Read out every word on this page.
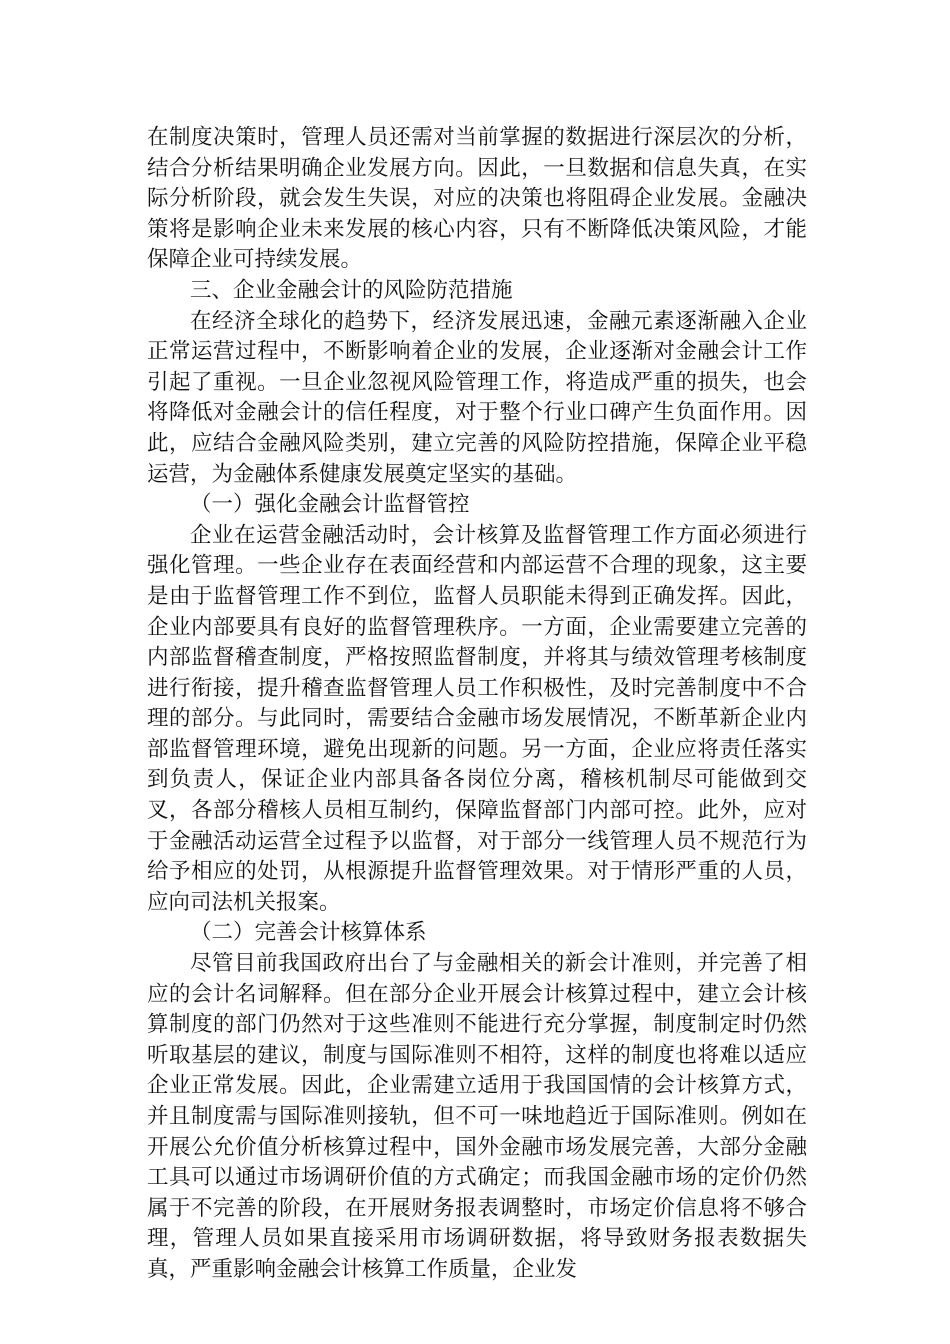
在制度决策时，管理人员还需对当前掌握的数据进行深层次的分析，结合分析结果明确企业发展方向。因此，一旦数据和信息失真，在实际分析阶段，就会发生失误，对应的决策也将阻碍企业发展。金融决策将是影响企业未来发展的核心内容，只有不断降低决策风险，才能保障企业可持续发展。

三、企业金融会计的风险防范措施

在经济全球化的趋势下，经济发展迅速，金融元素逐渐融入企业正常运营过程中，不断影响着企业的发展，企业逐渐对金融会计工作引起了重视。一旦企业忽视风险管理工作，将造成严重的损失，也会将降低对金融会计的信任程度，对于整个行业口碑产生负面作用。因此，应结合金融风险类别，建立完善的风险防控措施，保障企业平稳运营，为金融体系健康发展奠定坚实的基础。

（一）强化金融会计监督管控

企业在运营金融活动时，会计核算及监督管理工作方面必须进行强化管理。一些企业存在表面经营和内部运营不合理的现象，这主要是由于监督管理工作不到位，监督人员职能未得到正确发挥。因此，企业内部要具有良好的监督管理秩序。一方面，企业需要建立完善的内部监督稽查制度，严格按照监督制度，并将其与绩效管理考核制度进行衔接，提升稽查监督管理人员工作积极性，及时完善制度中不合理的部分。与此同时，需要结合金融市场发展情况，不断革新企业内部监督管理环境，避免出现新的问题。另一方面，企业应将责任落实到负责人，保证企业内部具备各岗位分离，稽核机制尽可能做到交叉，各部分稽核人员相互制约，保障监督部门内部可控。此外，应对于金融活动运营全过程予以监督，对于部分一线管理人员不规范行为给予相应的处罚，从根源提升监督管理效果。对于情形严重的人员，应向司法机关报案。

（二）完善会计核算体系

尽管目前我国政府出台了与金融相关的新会计准则，并完善了相应的会计名词解释。但在部分企业开展会计核算过程中，建立会计核算制度的部门仍然对于这些准则不能进行充分掌握，制度制定时仍然听取基层的建议，制度与国际准则不相符，这样的制度也将难以适应企业正常发展。因此，企业需建立适用于我国国情的会计核算方式，并且制度需与国际准则接轨，但不可一味地趋近于国际准则。例如在开展公允价值分析核算过程中，国外金融市场发展完善，大部分金融工具可以通过市场调研价值的方式确定；而我国金融市场的定价仍然属于不完善的阶段，在开展财务报表调整时，市场定价信息将不够合理，管理人员如果直接采用市场调研数据，将导致财务报表数据失真，严重影响金融会计核算工作质量，企业发
